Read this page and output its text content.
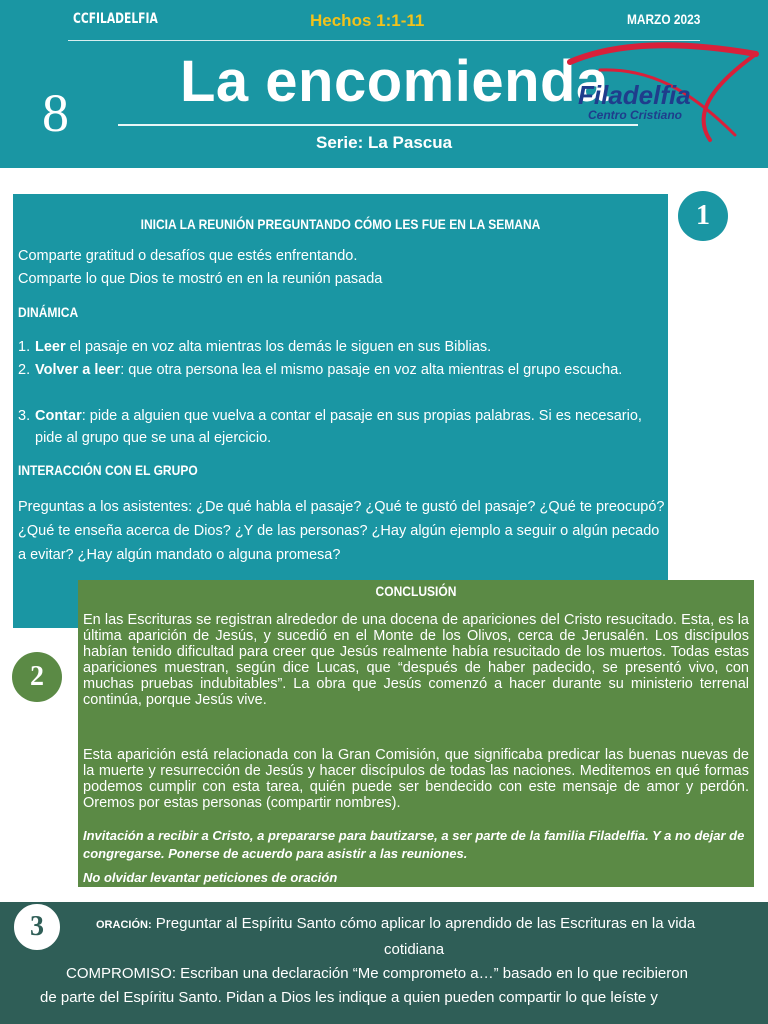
CCFILADELFIA	Hechos 1:1-11	MARZO 2023
La encomienda
8	Serie: La Pascua
Filadelfia
Centro Cristiano
1
INICIA LA REUNIÓN PREGUNTANDO CÓMO LES FUE EN LA SEMANA
Comparte gratitud o desafíos que estés enfrentando.
Comparte lo que Dios te mostró en en la reunión pasada
DINÁMICA
1. Leer el pasaje en voz alta mientras los demás le siguen en sus Biblias.
2. Volver a leer: que otra persona lea el mismo pasaje en voz alta mientras el grupo escucha.
3. Contar: pide a alguien que vuelva a contar el pasaje en sus propias palabras. Si es necesario, pide al grupo que se una al ejercicio.
INTERACCIÓN CON EL GRUPO
Preguntas a los asistentes: ¿De qué habla el pasaje? ¿Qué te gustó del pasaje? ¿Qué te preocupó? ¿Qué te enseña acerca de Dios? ¿Y de las personas? ¿Hay algún ejemplo a seguir o algún pecado a evitar? ¿Hay algún mandato o alguna promesa?
2
CONCLUSIÓN
En las Escrituras se registran alrededor de una docena de apariciones del Cristo resucitado. Esta, es la última aparición de Jesús, y sucedió en el Monte de los Olivos, cerca de Jerusalén. Los discípulos habían tenido dificultad para creer que Jesús realmente había resucitado de los muertos. Todas estas apariciones muestran, según dice Lucas, que “después de haber padecido, se presentó vivo, con muchas pruebas indubitables”. La obra que Jesús comenzó a hacer durante su ministerio terrenal continúa, porque Jesús vive.
Esta aparición está relacionada con la Gran Comisión, que significaba predicar las buenas nuevas de la muerte y resurrección de Jesús y hacer discípulos de todas las naciones. Meditemos en qué formas podemos cumplir con esta tarea, quién puede ser bendecido con este mensaje de amor y perdón. Oremos por estas personas (compartir nombres).
Invitación a recibir a Cristo, a prepararse para bautizarse, a ser parte de la familia Filadelfia. Y a no dejar de congregarse. Ponerse de acuerdo para asistir a las reuniones.
No olvidar levantar peticiones de oración
ORACIÓN: Preguntar al Espíritu Santo cómo aplicar lo aprendido de las Escrituras en la vida
cotidiana
COMPROMISO: Escriban una declaración “Me comprometo a…” basado en lo que recibieron
de parte del Espíritu Santo. Pidan a Dios les indique a quien pueden compartir lo que leíste y
3
